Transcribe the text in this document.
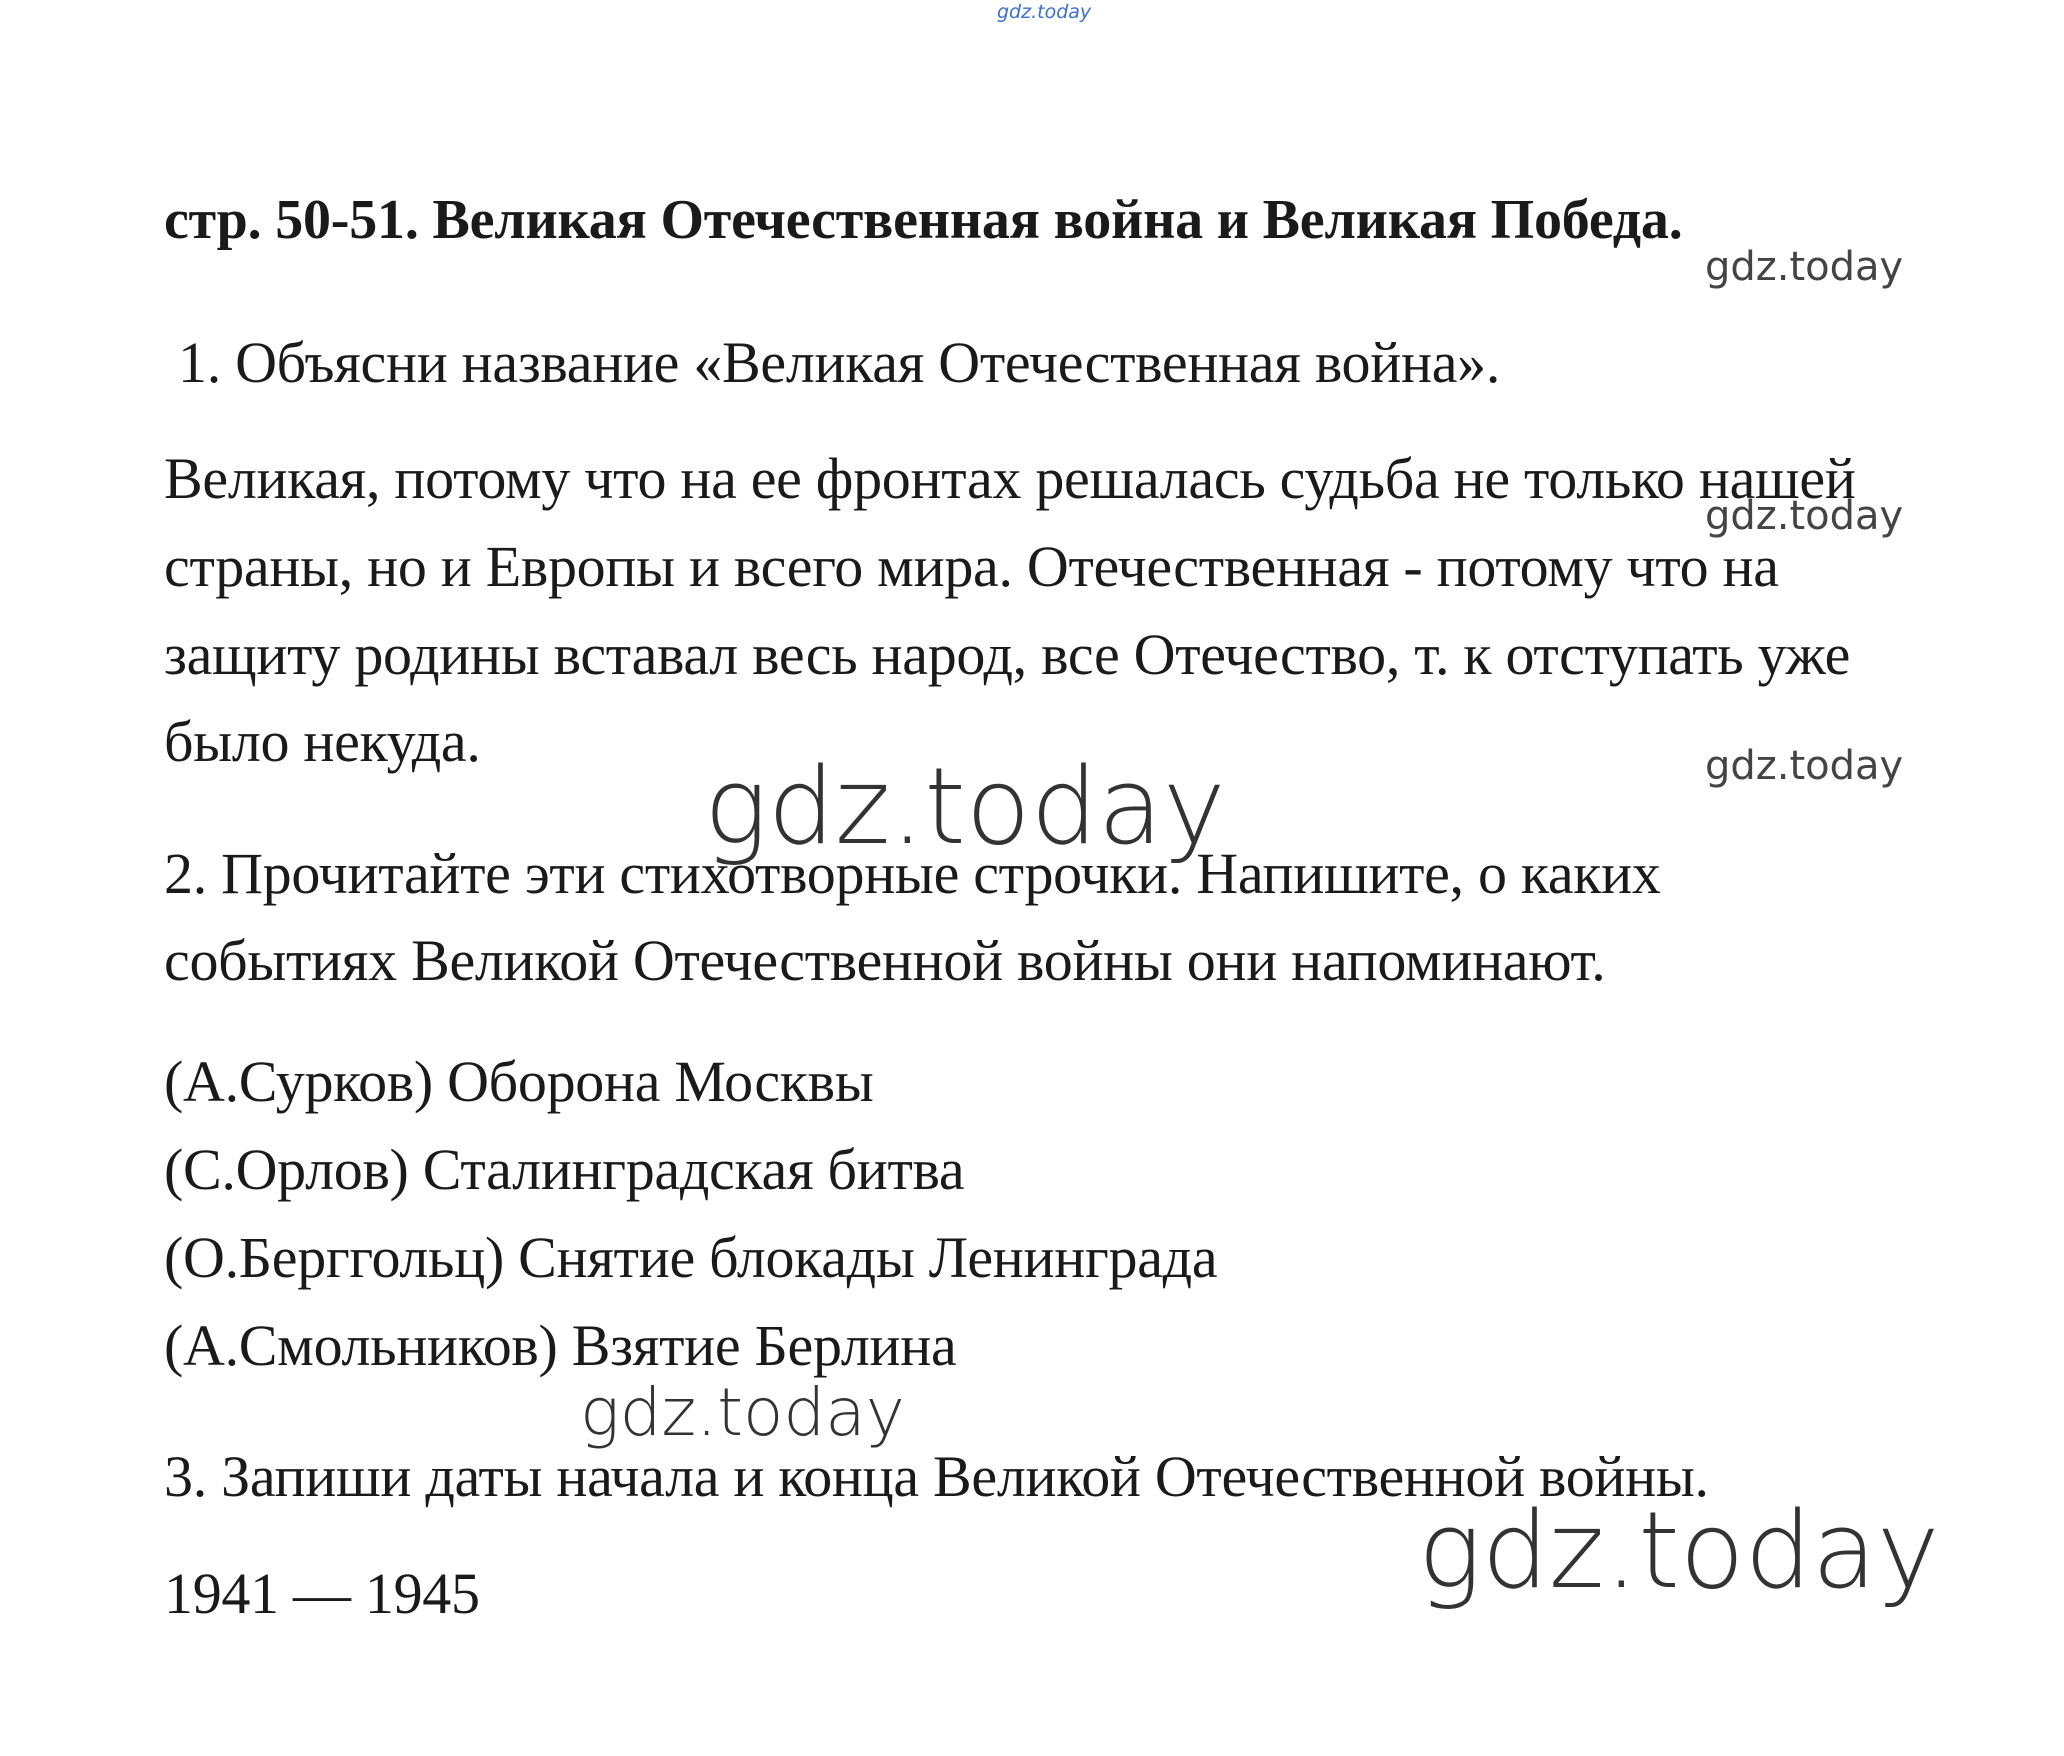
gdz.today
стр. 50-51. Великая Отечественная война и Великая Победа.
gdz.today
1. Объясни название «Великая Отечественная война».
Великая, потому что на ее фронтах решалась судьба не только нашей
gdz.today
страны, но и Европы и всего мира. Отечественная - потому что на
защиту родины вставал весь народ, все Отечество, т. к отступать уже
было некуда.	gdz.today
gdz.today
2. Прочитайте эти стихотворные строчки. Напишите, о каких
событиях Великой Отечественной войны они напоминают.
(А.Сурков) Оборона Москвы
(С.Орлов) Сталинградская битва
(О.Берггольц) Снятие блокады Ленинграда
(А.Смольников) Взятие Берлина
gdz.today
3. Запиши даты начала и конца Великой Отечественной войны.
gdz.today
1941 — 1945
